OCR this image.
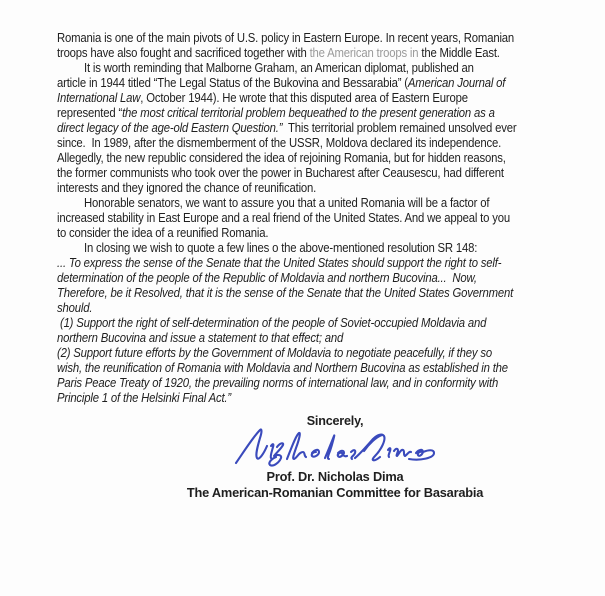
Romania is one of the main pivots of U.S. policy in Eastern Europe. In recent years, Romanian
troops have also fought and sacrificed together with the American troops in the Middle East.
It is worth reminding that Malborne Graham, an American diplomat, published an
article in 1944 titled “The Legal Status of the Bukovina and Bessarabia” (American Journal of
International Law, October 1944). He wrote that this disputed area of Eastern Europe
represented “the most critical territorial problem bequeathed to the present generation as a
direct legacy of the age-old Eastern Question.”  This territorial problem remained unsolved ever
since.  In 1989, after the dismemberment of the USSR, Moldova declared its independence.
Allegedly, the new republic considered the idea of rejoining Romania, but for hidden reasons,
the former communists who took over the power in Bucharest after Ceausescu, had different
interests and they ignored the chance of reunification.
Honorable senators, we want to assure you that a united Romania will be a factor of
increased stability in East Europe and a real friend of the United States. And we appeal to you
to consider the idea of a reunified Romania.
In closing we wish to quote a few lines o the above-mentioned resolution SR 148:
... To express the sense of the Senate that the United States should support the right to self-
determination of the people of the Republic of Moldavia and northern Bucovina...  Now,
Therefore, be it Resolved, that it is the sense of the Senate that the United States Government
should.
(1) Support the right of self-determination of the people of Soviet-occupied Moldavia and
northern Bucovina and issue a statement to that effect; and
(2) Support future efforts by the Government of Moldavia to negotiate peacefully, if they so
wish, the reunification of Romania with Moldavia and Northern Bucovina as established in the
Paris Peace Treaty of 1920, the prevailing norms of international law, and in conformity with
Principle 1 of the Helsinki Final Act.”
Sincerely,
Prof. Dr. Nicholas Dima
The American-Romanian Committee for Basarabia
